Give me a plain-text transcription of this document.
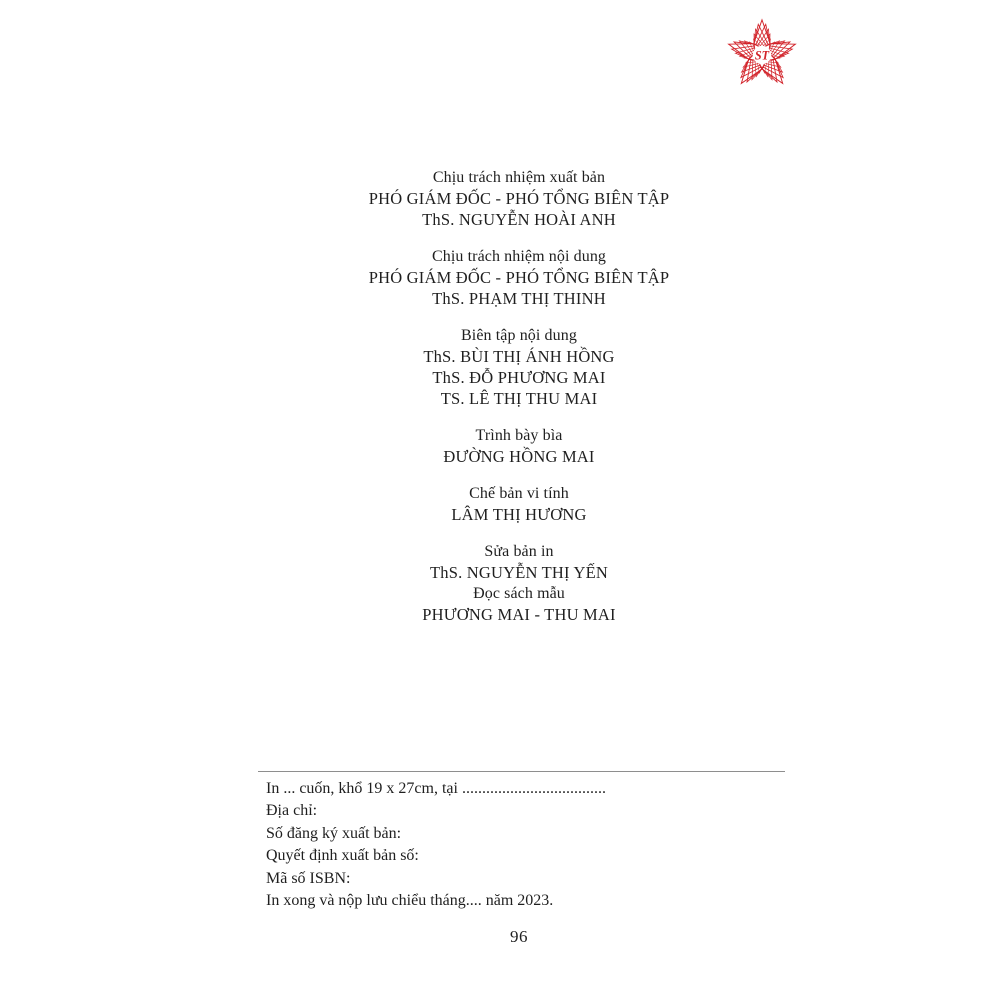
ST
Chịu trách nhiệm xuất bản
PHÓ GIÁM ĐỐC - PHÓ TỔNG BIÊN TẬP
ThS. NGUYỄN HOÀI ANH
Chịu trách nhiệm nội dung
PHÓ GIÁM ĐỐC - PHÓ TỔNG BIÊN TẬP
ThS. PHẠM THỊ THINH
Biên tập nội dung
ThS. BÙI THỊ ÁNH HỒNG
ThS. ĐỖ PHƯƠNG MAI
TS. LÊ THỊ THU MAI
Trình bày bìa
ĐƯỜNG HỒNG MAI
Chế bản vi tính
LÂM THỊ HƯƠNG
Sửa bản in
ThS. NGUYỄN THỊ YẾN
Đọc sách mẫu
PHƯƠNG MAI - THU MAI
In ... cuốn, khổ 19 x 27cm, tại ....................................
Địa chỉ:
Số đăng ký xuất bản:
Quyết định xuất bản số:
Mã số ISBN:
In xong và nộp lưu chiểu tháng.... năm 2023.
96
